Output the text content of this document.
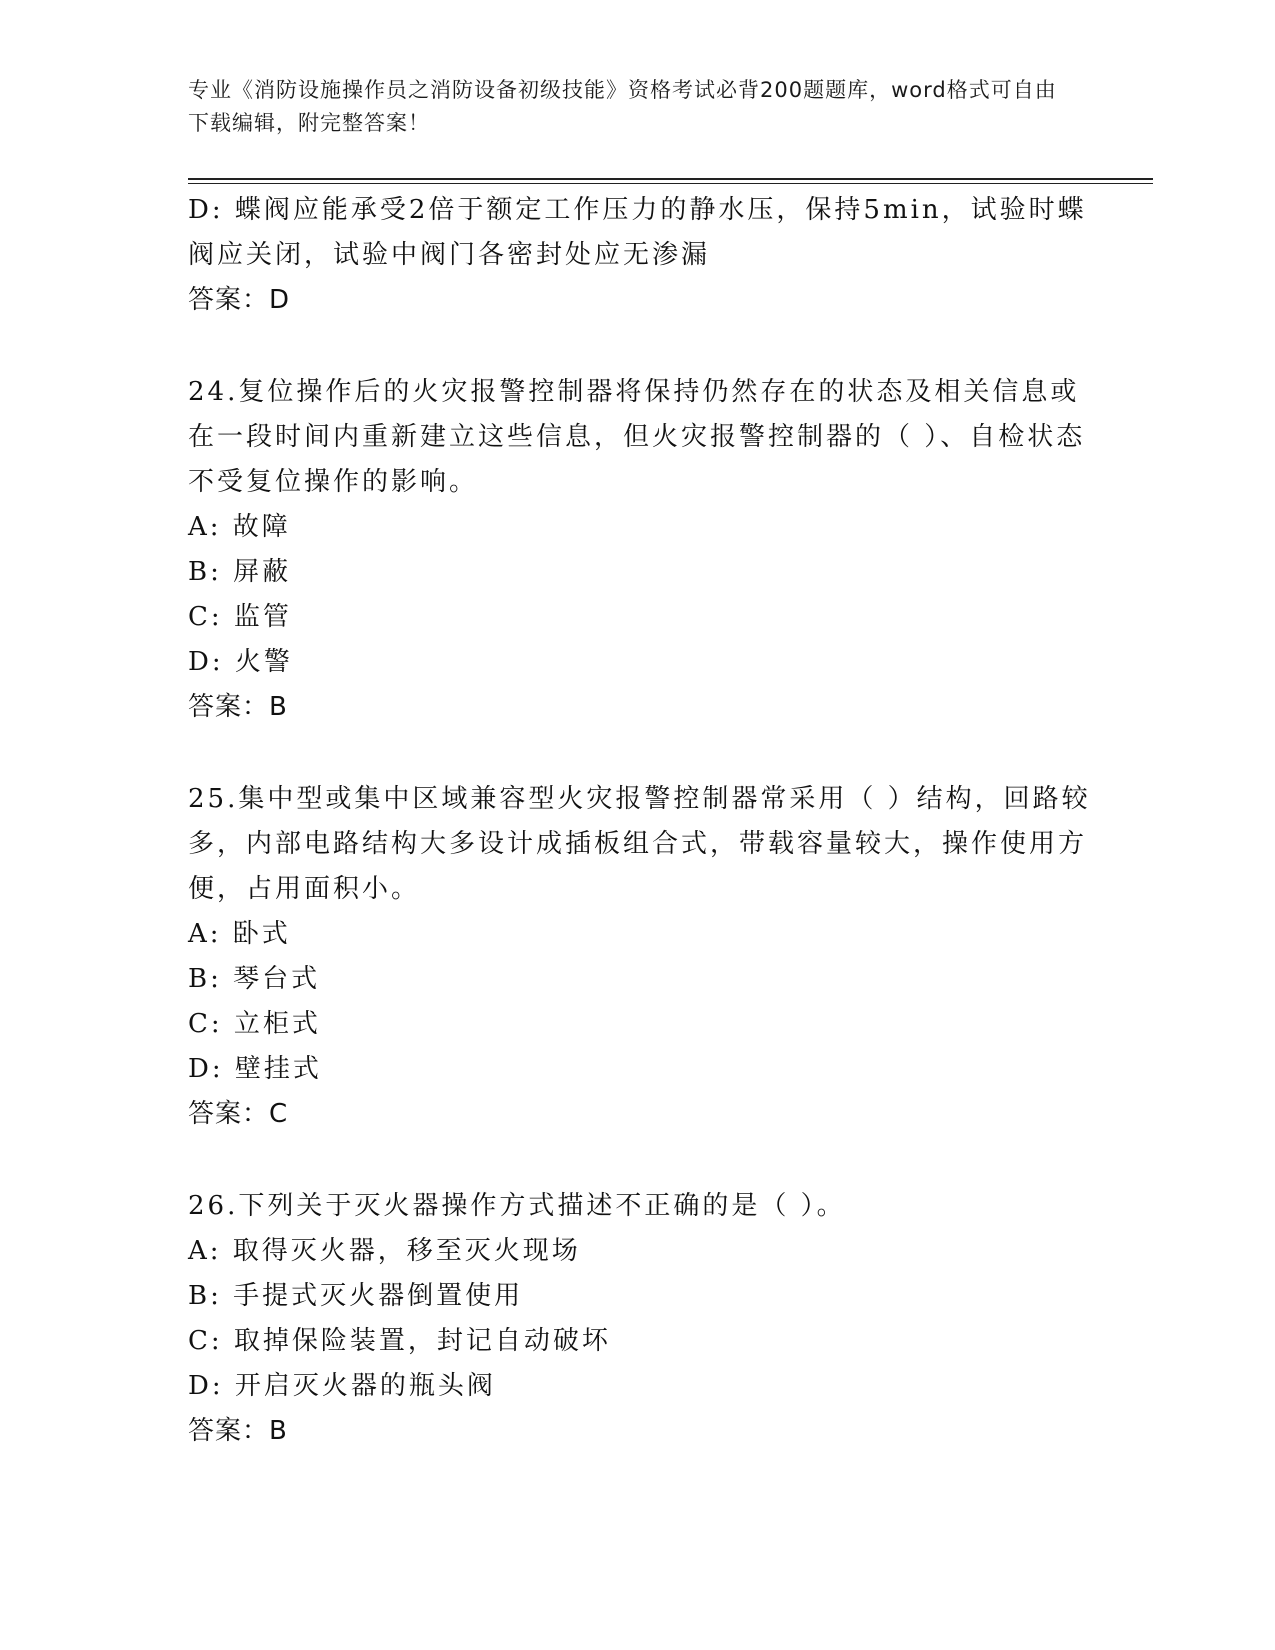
专业《消防设施操作员之消防设备初级技能》资格考试必背200题题库，word格式可自由下载编辑，附完整答案！

D: 蝶阀应能承受2倍于额定工作压力的静水压，保持5min，试验时蝶阀应关闭，试验中阀门各密封处应无渗漏

答案：D

24.复位操作后的火灾报警控制器将保持仍然存在的状态及相关信息或在一段时间内重新建立这些信息，但火灾报警控制器的（ ）、自检状态不受复位操作的影响。

A: 故障

B: 屏蔽

C: 监管

D: 火警

答案：B

25.集中型或集中区域兼容型火灾报警控制器常采用（ ）结构，回路较多，内部电路结构大多设计成插板组合式，带载容量较大，操作使用方便，占用面积小。

A: 卧式

B: 琴台式

C: 立柜式

D: 壁挂式

答案：C

26.下列关于灭火器操作方式描述不正确的是（ ）。

A: 取得灭火器，移至灭火现场

B: 手提式灭火器倒置使用

C: 取掉保险装置，封记自动破坏

D: 开启灭火器的瓶头阀

答案：B
